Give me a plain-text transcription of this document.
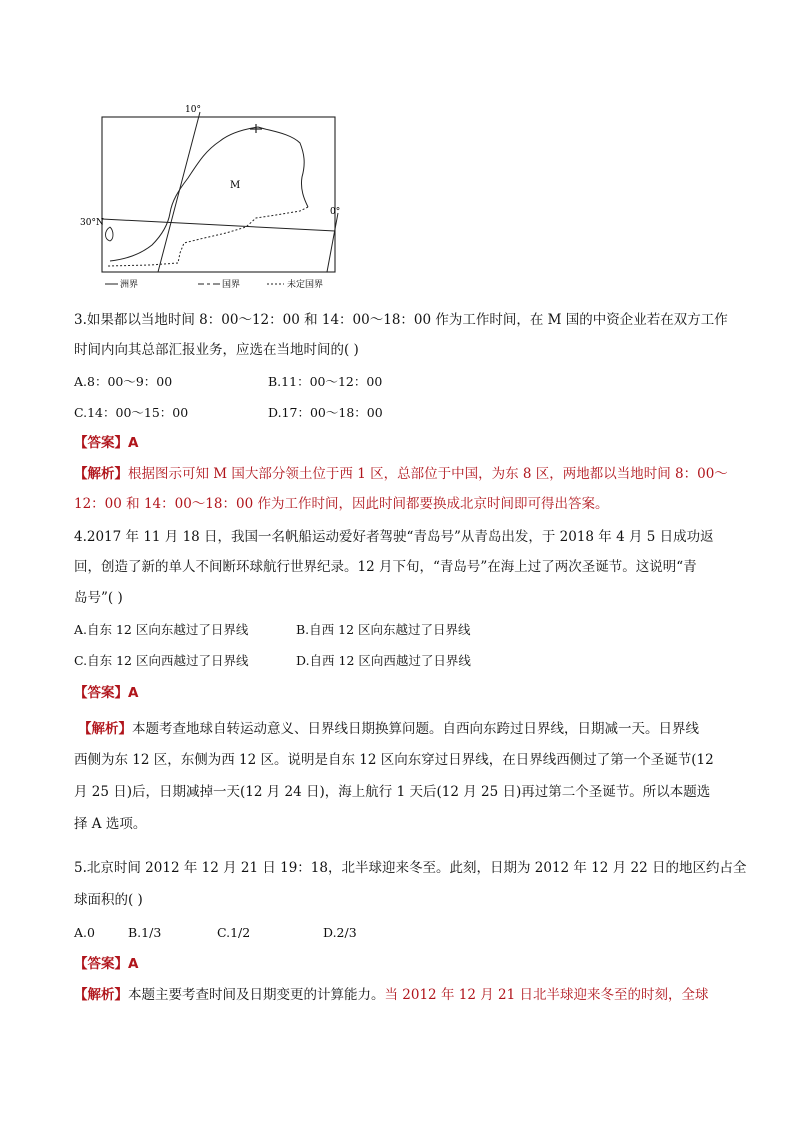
10°
0°
30°N
M
洲界	国界	未定国界
3.如果都以当地时间 8：00～12：00 和 14：00～18：00 作为工作时间，在 M 国的中资企业若在双方工作
时间内向其总部汇报业务，应选在当地时间的( )
A.8：00～9：00	B.11：00～12：00
C.14：00～15：00	D.17：00～18：00
【答案】A
【解析】根据图示可知 M 国大部分领土位于西 1 区，总部位于中国，为东 8 区，两地都以当地时间 8：00～
12：00 和 14：00～18：00 作为工作时间，因此时间都要换成北京时间即可得出答案。
4.2017 年 11 月 18 日，我国一名帆船运动爱好者驾驶“青岛号”从青岛出发，于 2018 年 4 月 5 日成功返
回，创造了新的单人不间断环球航行世界纪录。12 月下旬，“青岛号”在海上过了两次圣诞节。这说明“青
岛号”( )
A.自东 12 区向东越过了日界线	B.自西 12 区向东越过了日界线
C.自东 12 区向西越过了日界线	D.自西 12 区向西越过了日界线
【答案】A
【解析】本题考查地球自转运动意义、日界线日期换算问题。自西向东跨过日界线，日期减一天。日界线
西侧为东 12 区，东侧为西 12 区。说明是自东 12 区向东穿过日界线，在日界线西侧过了第一个圣诞节(12
月 25 日)后，日期减掉一天(12 月 24 日)，海上航行 1 天后(12 月 25 日)再过第二个圣诞节。所以本题选
择 A 选项。
5.北京时间 2012 年 12 月 21 日 19：18，北半球迎来冬至。此刻，日期为 2012 年 12 月 22 日的地区约占全
球面积的( )
A.0	B.1/3	C.1/2	D.2/3
【答案】A
【解析】本题主要考查时间及日期变更的计算能力。当 2012 年 12 月 21 日北半球迎来冬至的时刻，全球
